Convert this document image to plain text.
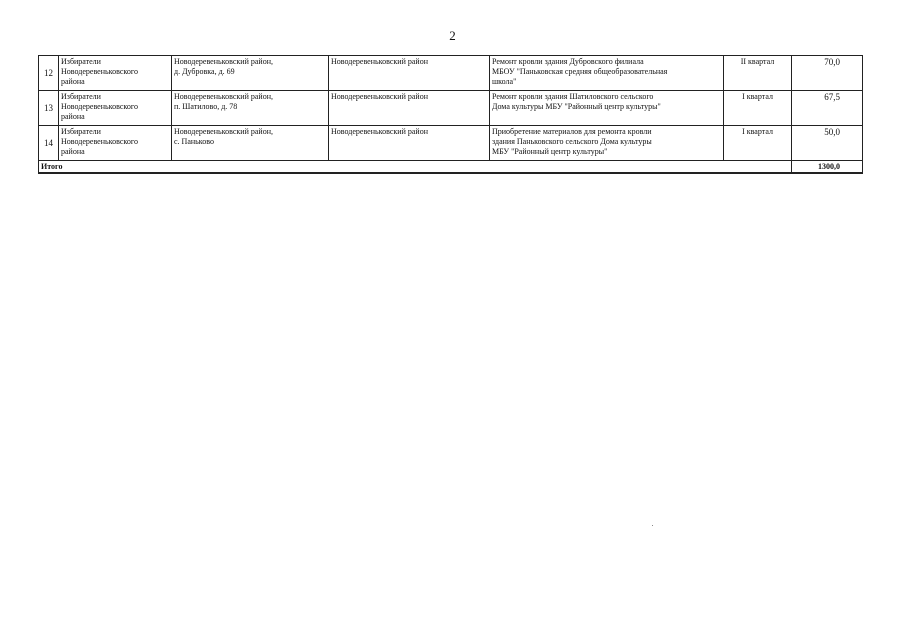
2
12	Избиратели
Новодеревеньковского
района	Новодеревеньковский район,
д. Дубровка, д. 69	Новодеревеньковский район	Ремонт кровли здания Дубровского филиала
МБОУ "Паньковская средняя общеобразовательная
школа"	II квартал	70,0
13	Избиратели
Новодеревеньковского
района	Новодеревеньковский район,
п. Шатилово, д. 78	Новодеревеньковский район	Ремонт кровли здания Шатиловского сельского
Дома культуры МБУ "Районный центр культуры"	I квартал	67,5
14	Избиратели
Новодеревеньковского
района	Новодеревеньковский район,
с. Паньково	Новодеревеньковский район	Приобретение материалов для ремонта кровли
здания Паньковского сельского Дома культуры
МБУ "Районный центр культуры"	I квартал	50,0
Итого						1300,0
